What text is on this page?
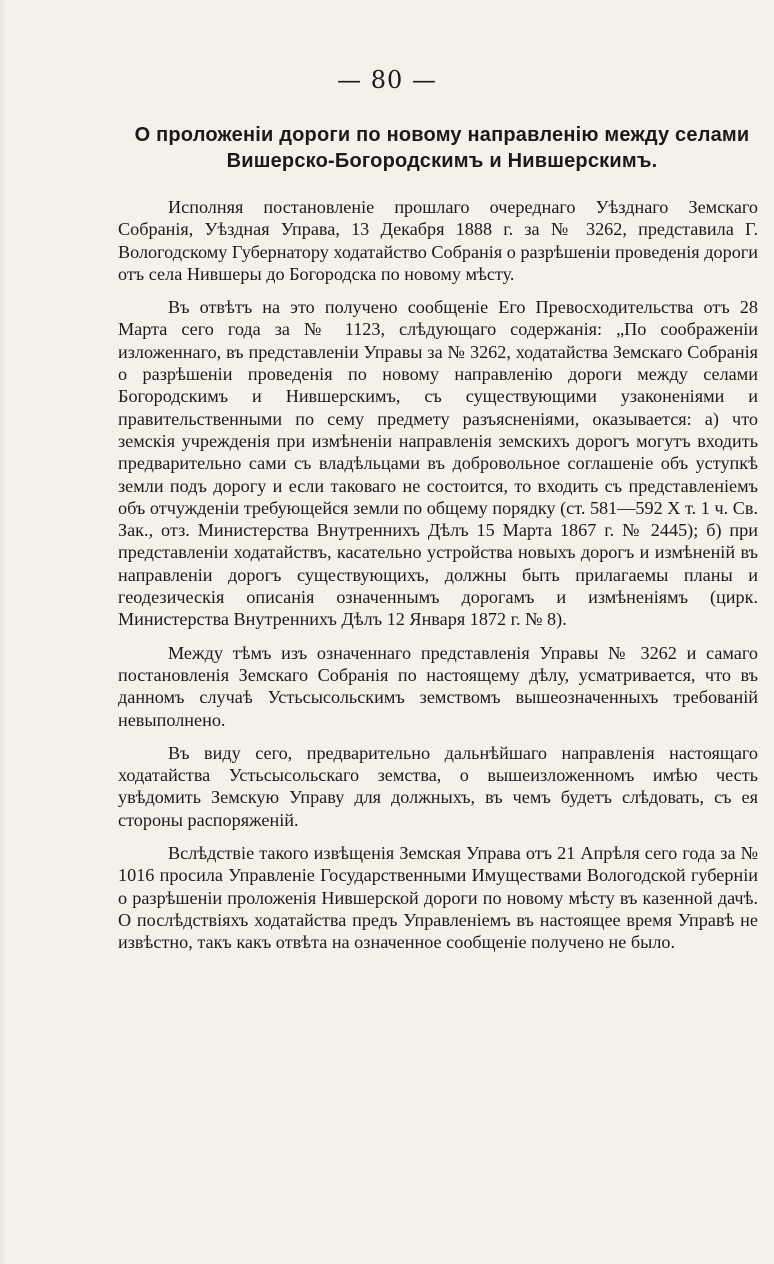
— 80 —
О проложеніи дороги по новому направленію между селами Вишерско-Богородскимъ и Нившерскимъ.

Исполняя постановленіе прошлаго очереднаго Уѣзднаго Земскаго Собранія, Уѣздная Управа, 13 Декабря 1888 г. за № 3262, представила Г. Вологодскому Губернатору ходатайство Собранія о разрѣшеніи проведенія дороги отъ села Нившеры до Богородска по новому мѣсту.

Въ отвѣтъ на это получено сообщеніе Его Превосходительства отъ 28 Марта сего года за № 1123, слѣдующаго содержанія: „По соображеніи изложеннаго, въ представленіи Управы за № 3262, ходатайства Земскаго Собранія о разрѣшеніи проведенія по новому направленію дороги между селами Богородскимъ и Нившерскимъ, съ существующими узаконеніями и правительственными по сему предмету разъясненіями, оказывается: а) что земскія учрежденія при измѣненіи направленія земскихъ дорогъ могутъ входить предварительно сами съ владѣльцами въ добровольное соглашеніе объ уступкѣ земли подъ дорогу и если таковаго не состоится, то входить съ представленіемъ объ отчужденіи требующейся земли по общему порядку (ст. 581—592 X т. 1 ч. Св. Зак., отз. Министерства Внутреннихъ Дѣлъ 15 Марта 1867 г. № 2445); б) при представленіи ходатайствъ, касательно устройства новыхъ дорогъ и измѣненій въ направленіи дорогъ существующихъ, должны быть прилагаемы планы и геодезическія описанія означеннымъ дорогамъ и измѣненіямъ (цирк. Министерства Внутреннихъ Дѣлъ 12 Января 1872 г. № 8).

Между тѣмъ изъ означеннаго представленія Управы № 3262 и самаго постановленія Земскаго Собранія по настоящему дѣлу, усматривается, что въ данномъ случаѣ Устьсысольскимъ земствомъ вышеозначенныхъ требованій невыполнено.

Въ виду сего, предварительно дальнѣйшаго направленія настоящаго ходатайства Устьсысольскаго земства, о вышеизложенномъ имѣю честь увѣдомить Земскую Управу для должныхъ, въ чемъ будетъ слѣдовать, съ ея стороны распоряженій.

Вслѣдствіе такого извѣщенія Земская Управа отъ 21 Апрѣля сего года за № 1016 просила Управленіе Государственными Имуществами Вологодской губерніи о разрѣшеніи проложенія Нившерской дороги по новому мѣсту въ казенной дачѣ. О послѣдствіяхъ ходатайства предъ Управленіемъ въ настоящее время Управѣ не извѣстно, такъ какъ отвѣта на означенное сообщеніе получено не было.
